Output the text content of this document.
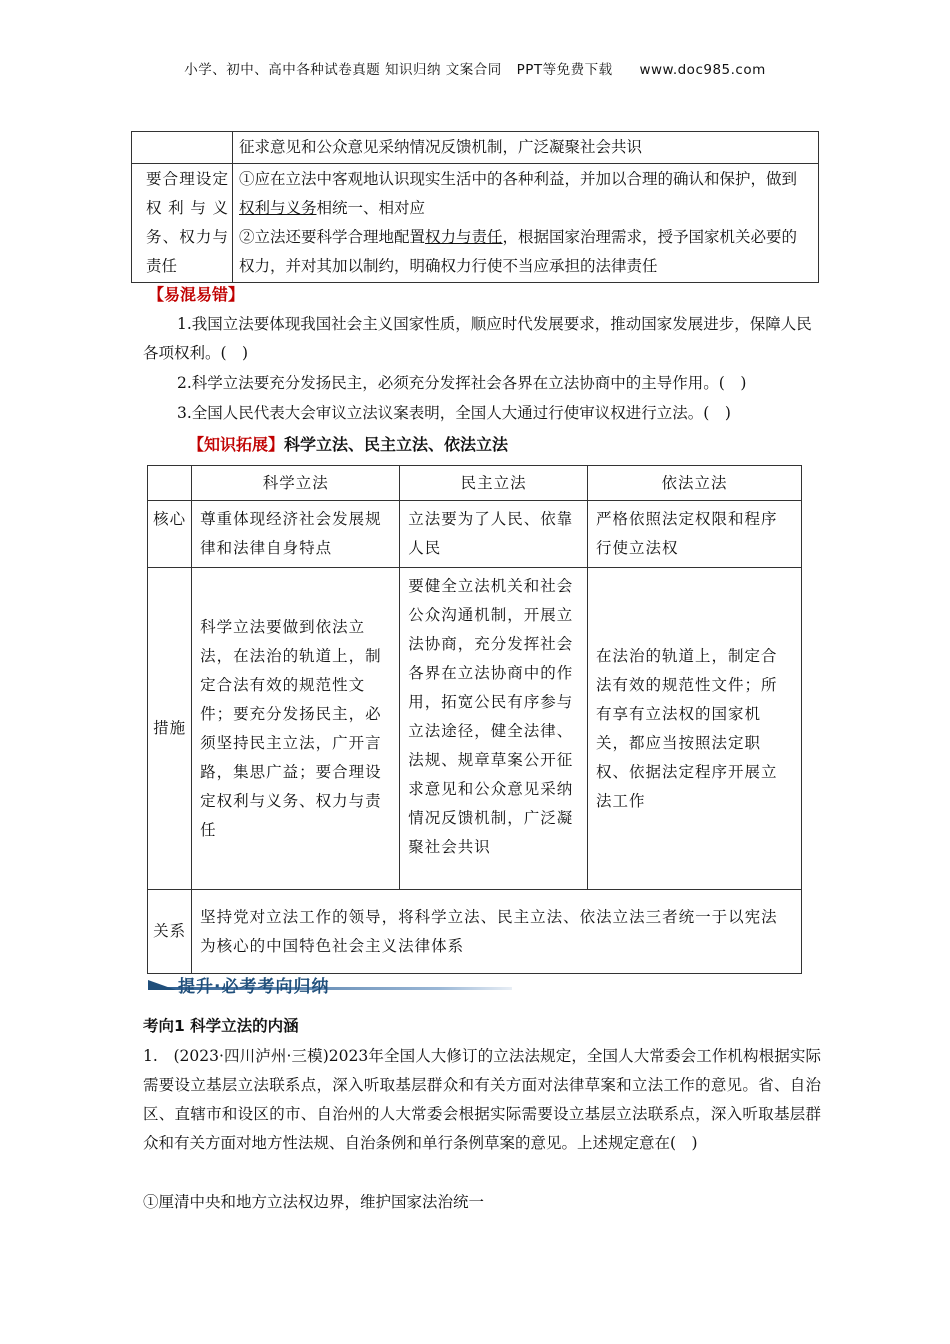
小学、初中、高中各种试卷真题 知识归纳 文案合同 PPT等免费下载 www.doc985.com
	征求意见和公众意见采纳情况反馈机制，广泛凝聚社会共识
要合理设定权利与义务、权力与责任	①应在立法中客观地认识现实生活中的各种利益，并加以合理的确认和保护，做到权利与义务相统一、相对应
②立法还要科学合理地配置权力与责任，根据国家治理需求，授予国家机关必要的权力，并对其加以制约，明确权力行使不当应承担的法律责任
【易混易错】
1.我国立法要体现我国社会主义国家性质，顺应时代发展要求，推动国家发展进步，保障人民各项权利。(　)
2.科学立法要充分发扬民主，必须充分发挥社会各界在立法协商中的主导作用。(　)
3.全国人民代表大会审议立法议案表明，全国人大通过行使审议权进行立法。(　)
【知识拓展】科学立法、民主立法、依法立法
	科学立法	民主立法	依法立法
核心	尊重体现经济社会发展规律和法律自身特点	立法要为了人民、依靠人民	严格依照法定权限和程序行使立法权
措施	科学立法要做到依法立法，在法治的轨道上，制定合法有效的规范性文件；要充分发扬民主，必须坚持民主立法，广开言路，集思广益；要合理设定权利与义务、权力与责任	要健全立法机关和社会公众沟通机制，开展立法协商，充分发挥社会各界在立法协商中的作用，拓宽公民有序参与立法途径，健全法律、法规、规章草案公开征求意见和公众意见采纳情况反馈机制，广泛凝聚社会共识	在法治的轨道上，制定合法有效的规范性文件；所有享有立法权的国家机关，都应当按照法定职权、依据法定程序开展立法工作
关系	坚持党对立法工作的领导，将科学立法、民主立法、依法立法三者统一于以宪法为核心的中国特色社会主义法律体系		
提升·必考考向归纳
考向1 科学立法的内涵
1.　(2023·四川泸州·三模)2023年全国人大修订的立法法规定，全国人大常委会工作机构根据实际需要设立基层立法联系点，深入听取基层群众和有关方面对法律草案和立法工作的意见。省、自治区、直辖市和设区的市、自治州的人大常委会根据实际需要设立基层立法联系点，深入听取基层群众和有关方面对地方性法规、自治条例和单行条例草案的意见。上述规定意在(　)
①厘清中央和地方立法权边界，维护国家法治统一
